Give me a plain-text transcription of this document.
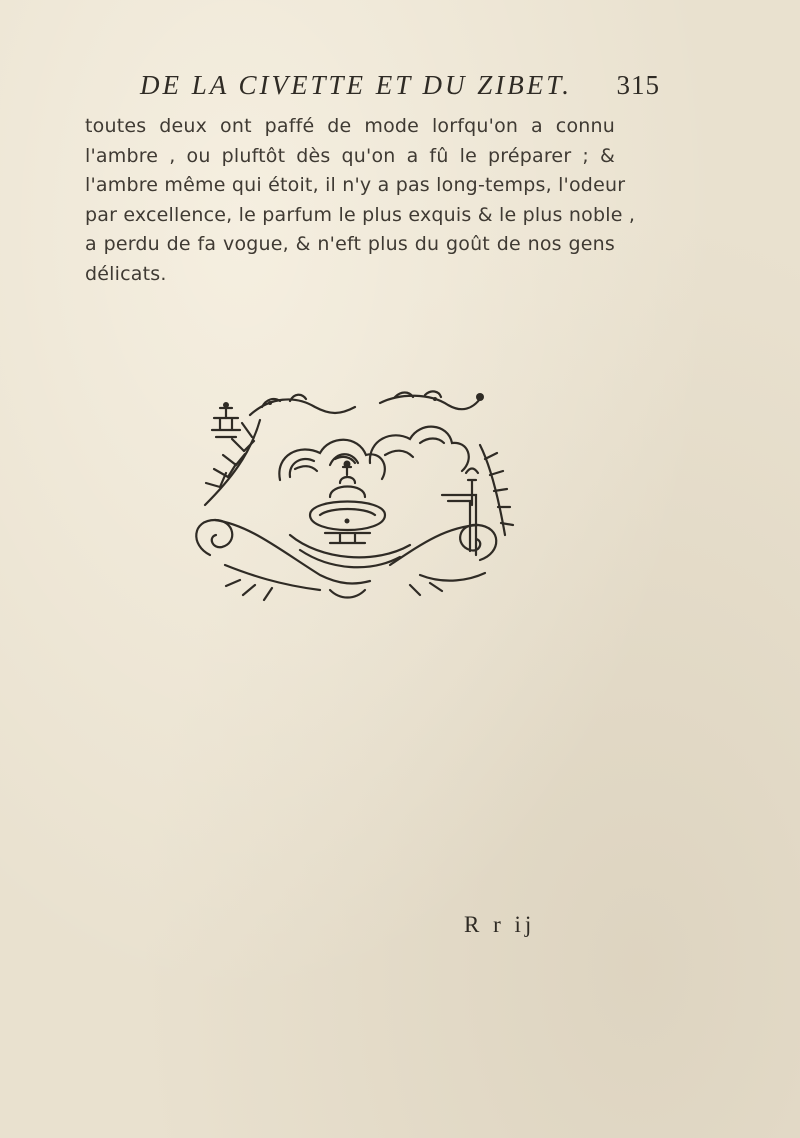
DE LA CIVETTE ET DU ZIBET. 315
toutes deux ont paffé de mode lorfqu'on a connu
l'ambre , ou pluftôt dès qu'on a fû le préparer ; &
l'ambre même qui étoit, il n'y a pas long-temps, l'odeur
par excellence, le parfum le plus exquis & le plus noble ,
a perdu de fa vogue, & n'eft plus du goût de nos gens
délicats.
R r ij
